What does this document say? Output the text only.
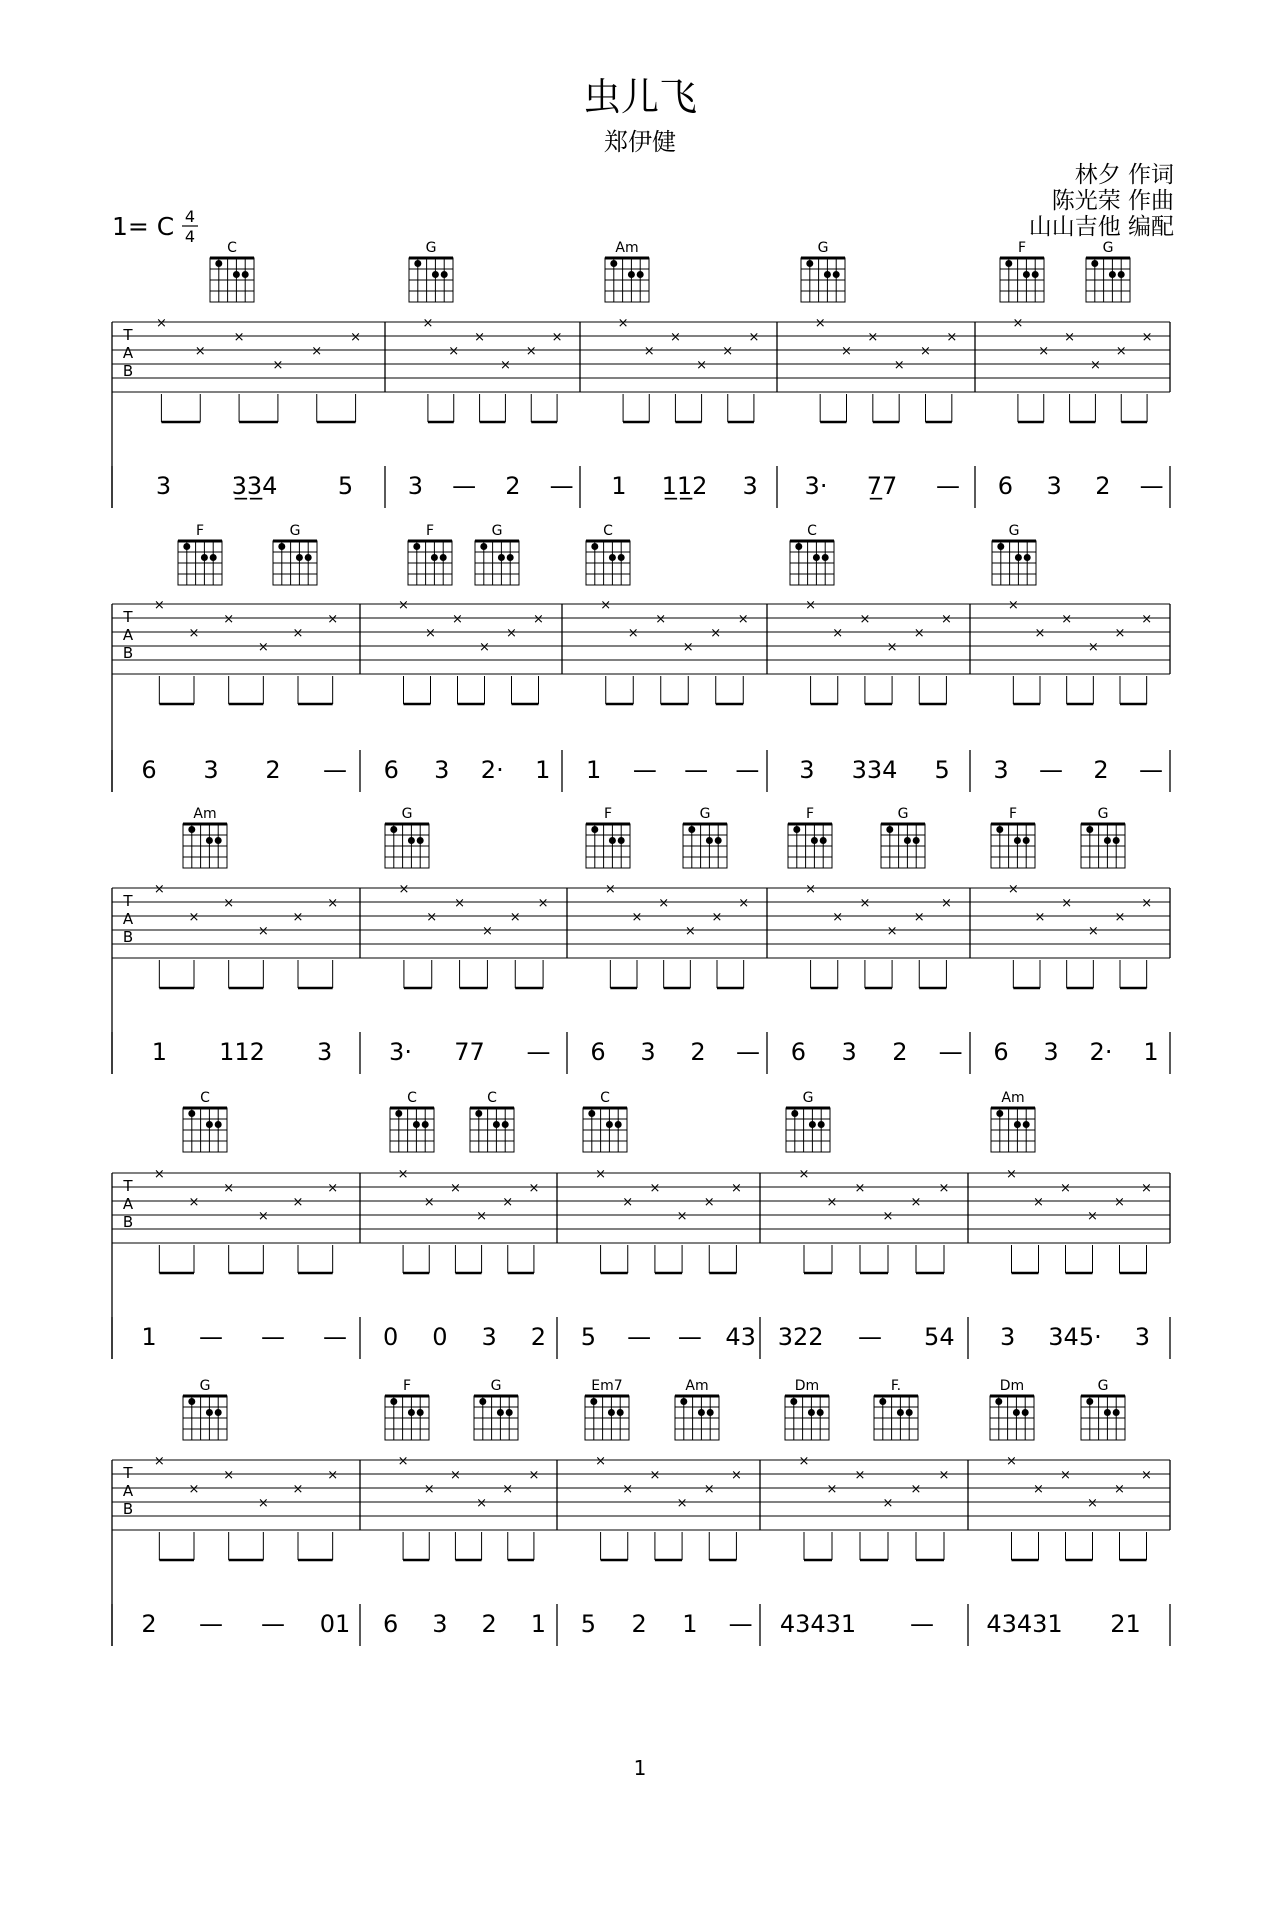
4
4
T
A
B
×
×
×
×
×
×
×
×
×
×
×
×
×
×
×
×
×
×
×
×
×
×
×
×
×
×
×
×
×
×
C	G	Am	G	F	G
3	3̲3̲4	5 3 — 2 — 1 1̲1̲2 3 3· 7̲7 — 6 3 2 —
T
A
B
×
×
×
×
×
×
×
×
×
×
×
×
×
×
×
×
×
×
×
×
×
×
×
×
×
×
×
×
×
×
F	G	F	G	C	C	G
6 3 2 — 6 3 2· 1 1 — — — 3 334 5 3 — 2 —
T
A
B
×
×
×
×
×
×
×
×
×
×
×
×
×
×
×
×
×
×
×
×
×
×
×
×
×
×
×
×
×
×
Am	G	F	G	F	G	F	G
1 112 3 3· 77 — 6 3 2 — 6 3 2 — 6 3 2· 1
T
A
B
×
×
×
×
×
×
×
×
×
×
×
×
×
×
×
×
×
×
×
×
×
×
×
×
×
×
×
×
×
×
C	C	C	C	G	Am
1 — — — 0 0 3 2 5 — — 43 322 — 54 3 345· 3
T
A
B
×
×
×
×
×
×
×
×
×
×
×
×
×
×
×
×
×
×
×
×
×
×
×
×
×
×
×
×
×
×
G	F	G	Em7	Am	Dm	F.	Dm	G
2 — — 01 6 3 2 1 5 2 1 — 43431 — 43431 21
虫儿飞
郑伊健
林夕 作词
陈光荣 作曲
山山吉他 编配
1= C
1
